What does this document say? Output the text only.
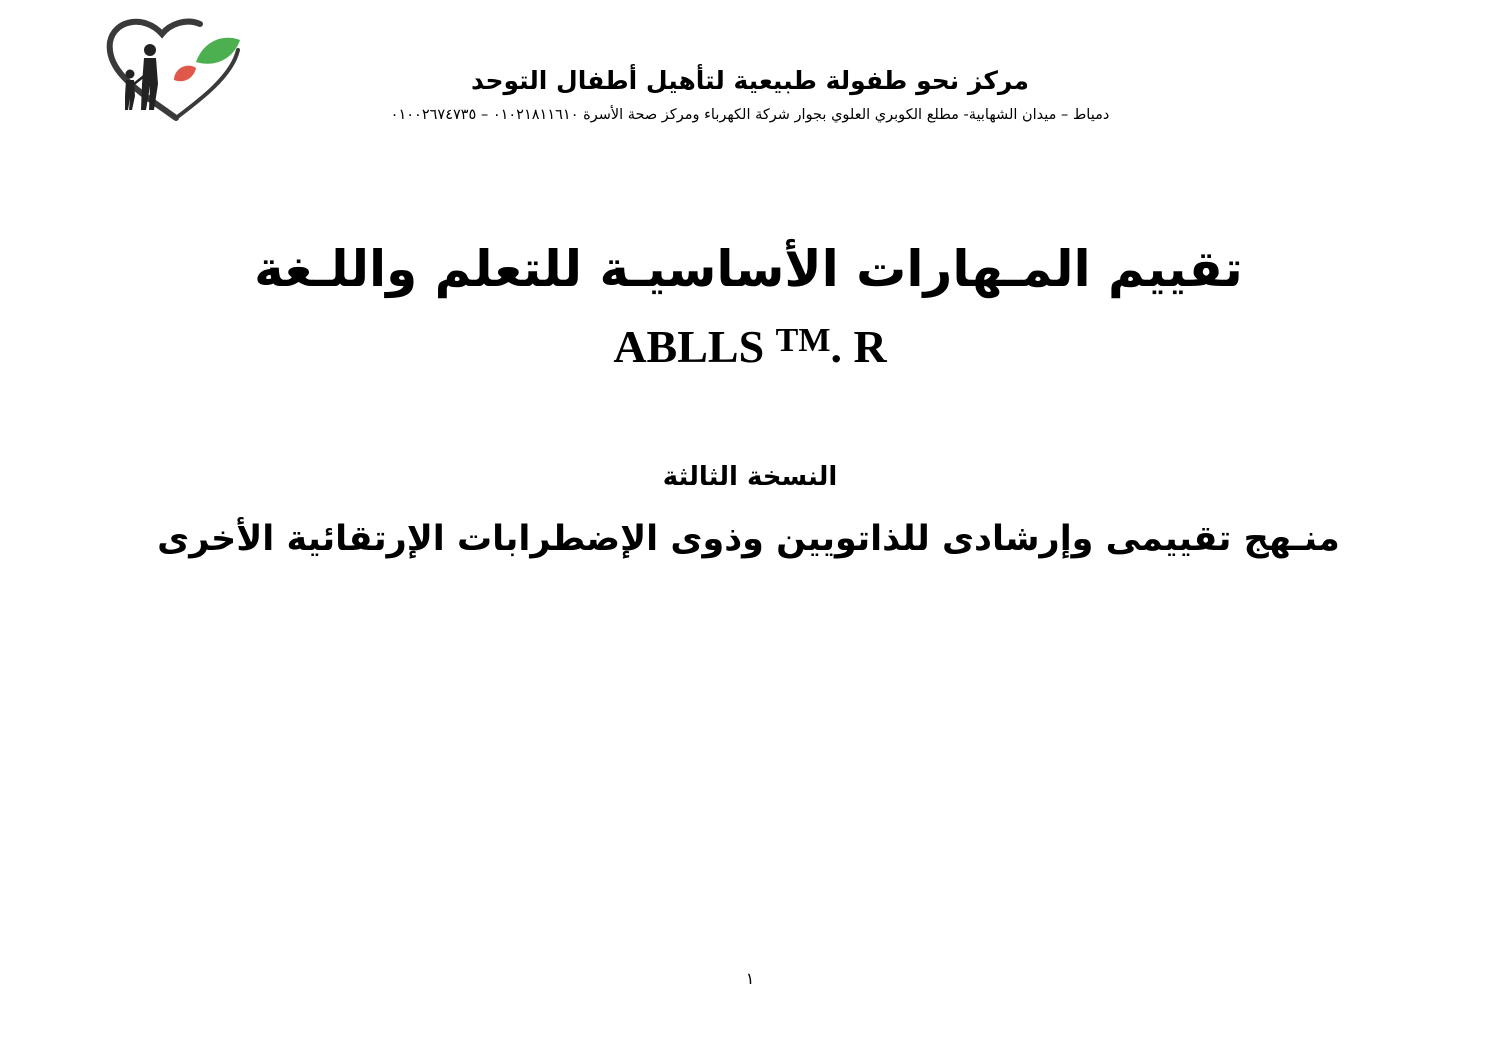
مركز نحو طفولة طبيعية لتأهيل أطفال التوحد
دمياط – ميدان الشهابية- مطلع الكوبري العلوي بجوار شركة الكهرباء ومركز صحة الأسرة ٠١٠٢١٨١١٦١٠ – ٠١٠٠٢٦٧٤٧٣٥
تقييم المـهارات الأساسيـة للتعلم واللـغة
ABLLS ™. R
النسخة الثالثة
منـهج تقييمى وإرشادى للذاتويين وذوى الإضطرابات الإرتقائية الأخرى
١
